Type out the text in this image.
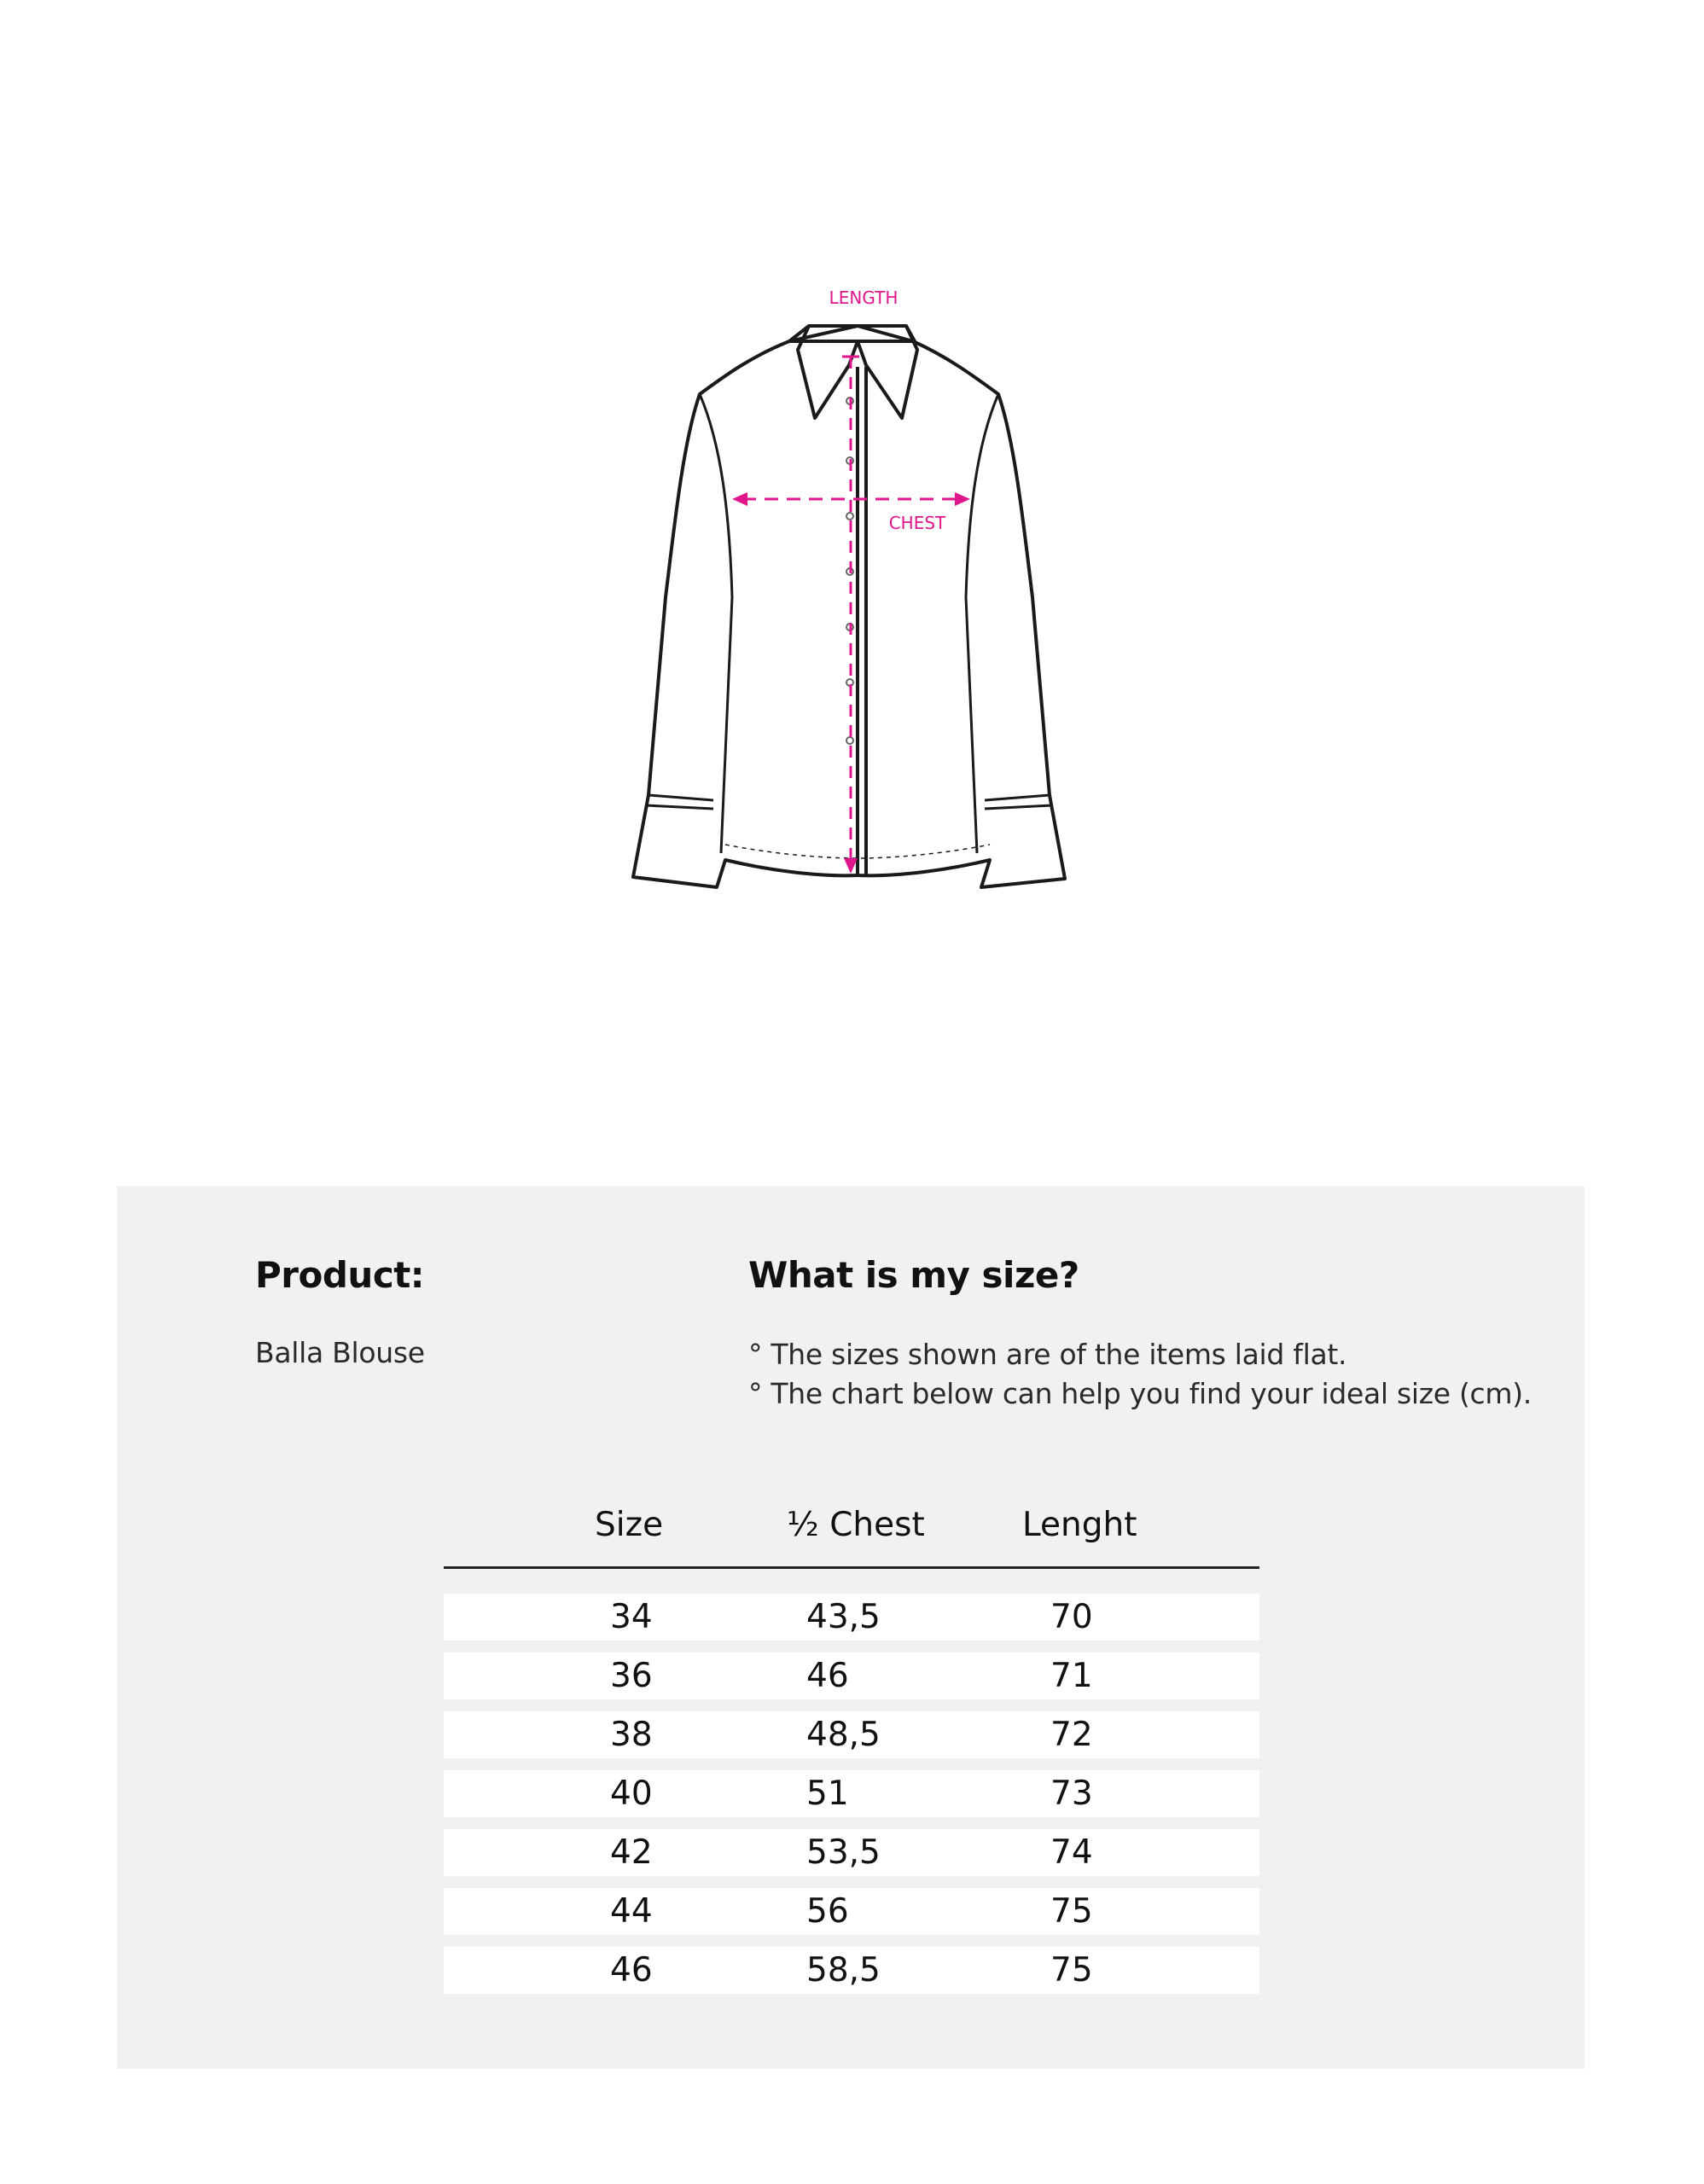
LENGTH
CHEST
Product:

Balla Blouse

What is my size?
° The sizes shown are of the items laid flat.
° The chart below can help you find your ideal size (cm).
Size	½ Chest	Lenght
34	43,5	70
36	46	71
38	48,5	72
40	51	73
42	53,5	74
44	56	75
46	58,5	75
